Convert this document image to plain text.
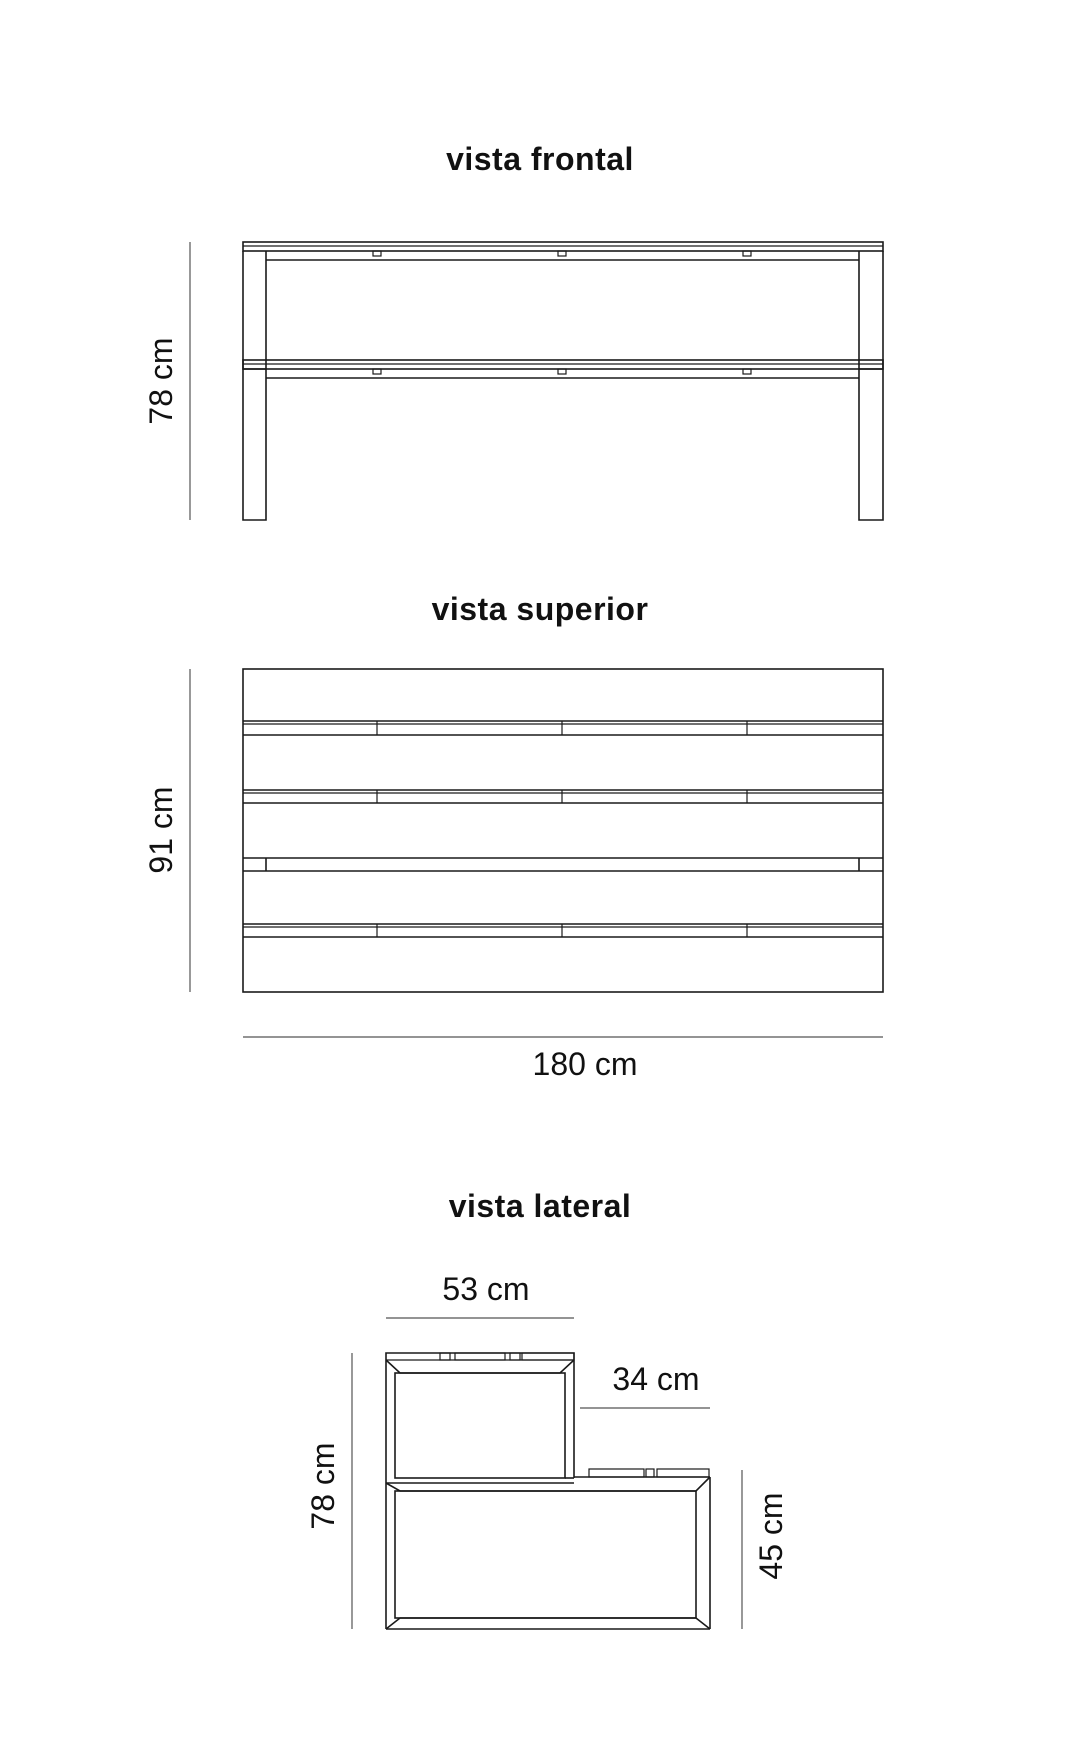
vista frontal
78 cm
vista superior
91 cm
180 cm
vista lateral
53 cm
34 cm
78 cm
45 cm
